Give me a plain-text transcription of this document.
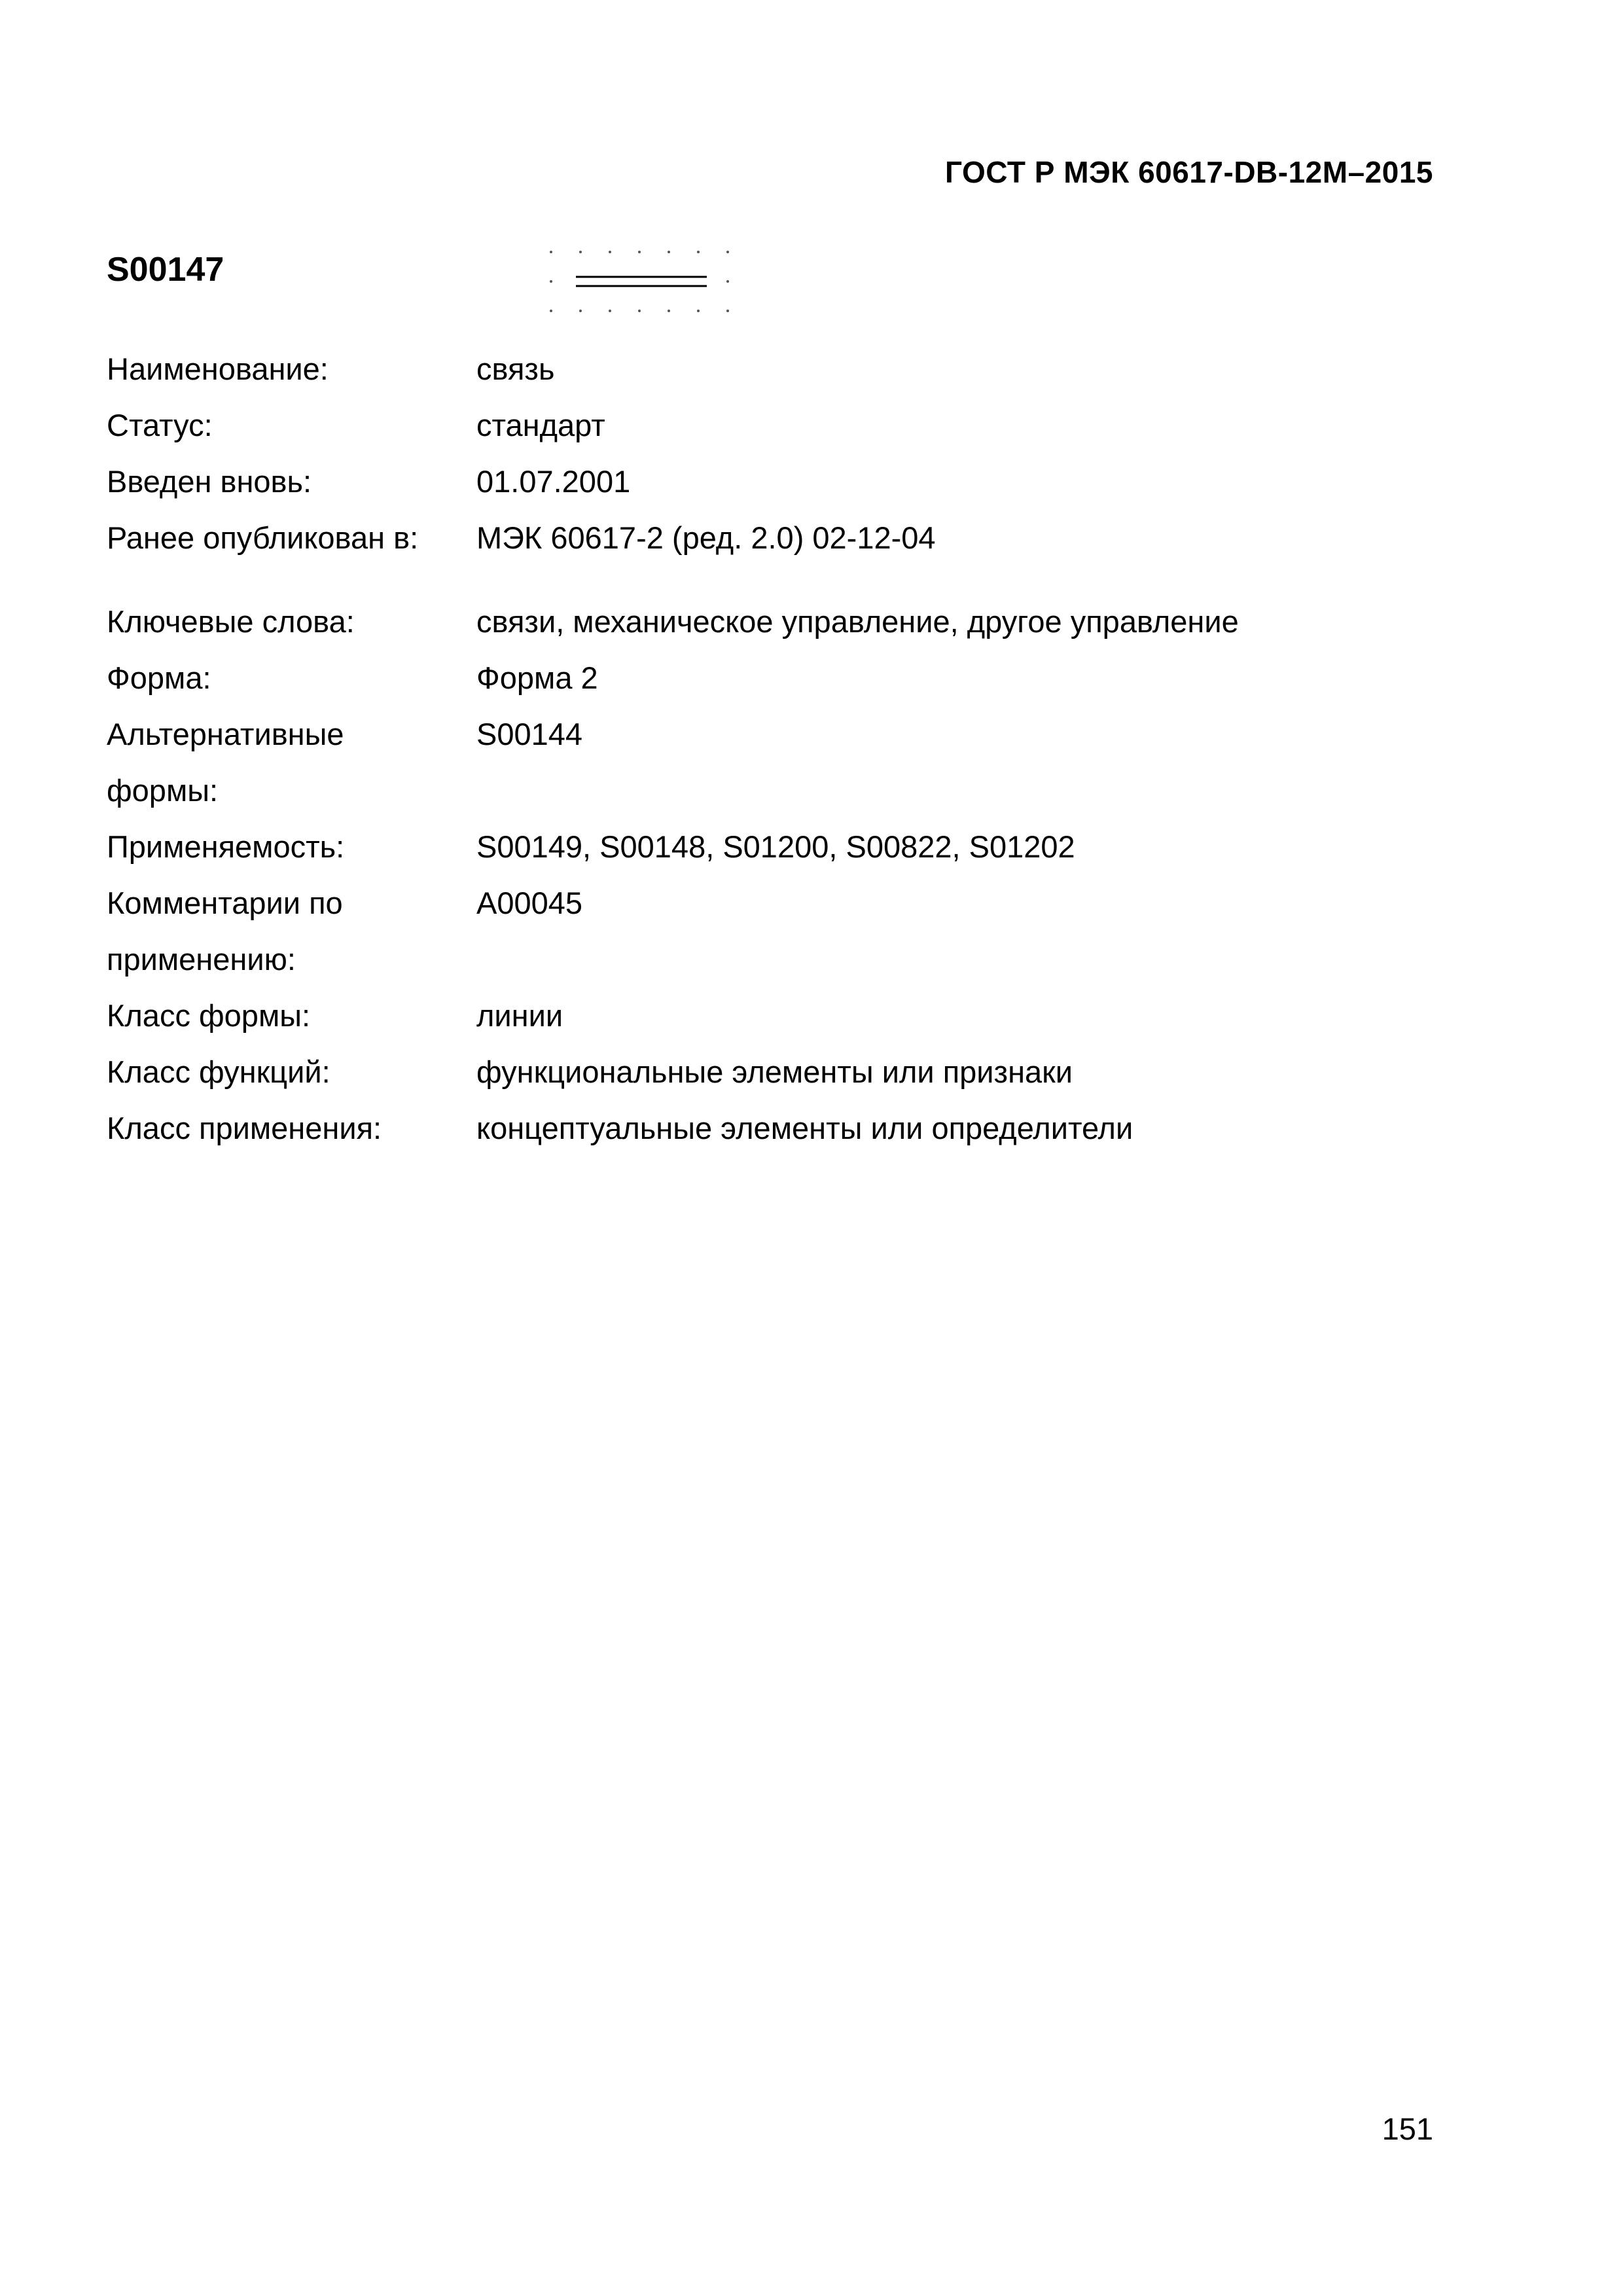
ГОСТ Р МЭК 60617-DB-12M–2015
S00147
Наименование:	связь
Статус:	стандарт
Введен вновь:	01.07.2001
Ранее опубликован в:	МЭК 60617-2 (ред. 2.0) 02-12-04
Ключевые слова:	связи, механическое управление, другое управление
Форма:	Форма 2
Альтернативные	S00144
формы:
Применяемость:	S00149, S00148, S01200, S00822, S01202
Комментарии по	A00045
применению:
Класс формы:	линии
Класс функций:	функциональные элементы или признаки
Класс применения:	концептуальные элементы или определители
151
